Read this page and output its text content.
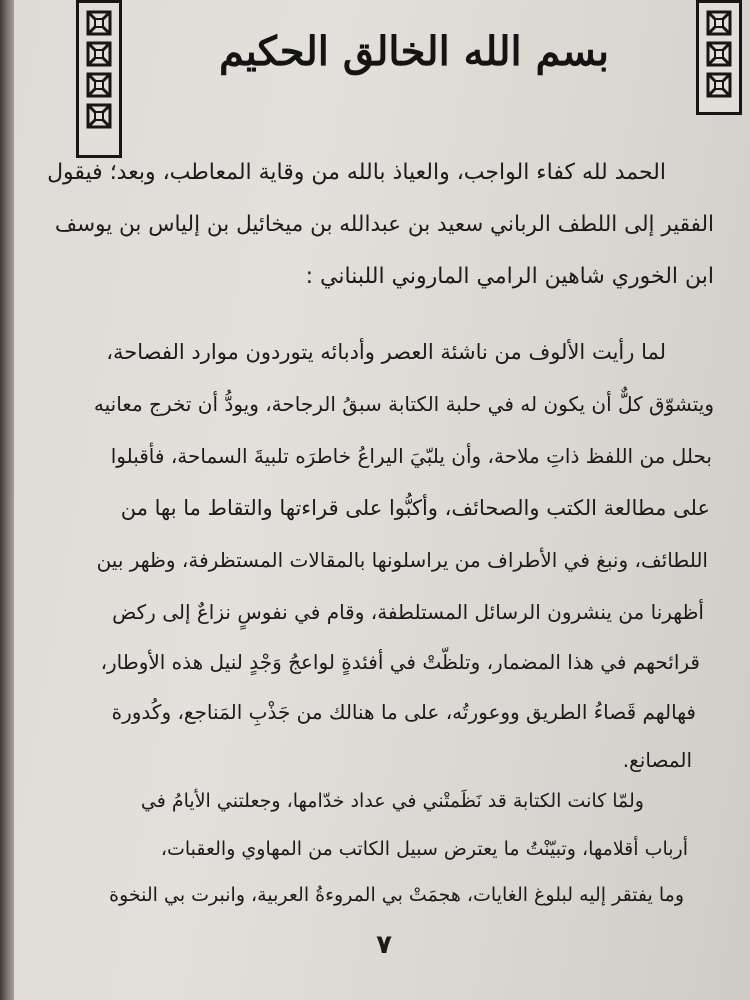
بسم الله الخالق الحكيم
الحمد لله كفاء الواجب، والعياذ بالله من وقاية المعاطب، وبعد؛ فيقول
الفقير إلى اللطف الرباني سعيد بن عبدالله بن ميخائيل بن إلياس بن يوسف
ابن الخوري شاهين الرامي الماروني اللبناني :
لما رأيت الألوف من ناشئة العصر وأدبائه يتوردون موارد الفصاحة،
ويتشوّق كلٌّ أن يكون له في حلبة الكتابة سبقُ الرجاحة، ويودُّ أن تخرج معانيه
بحلل من اللفظ ذاتِ ملاحة، وأن يلبّيَ اليراعُ خاطرَه تلبيةَ السماحة، فأقبلوا
على مطالعة الكتب والصحائف، وأكبُّوا على قراءتها والتقاط ما بها من
اللطائف، ونبغ في الأطراف من يراسلونها بالمقالات المستظرفة، وظهر بين
أظهرنا من ينشرون الرسائل المستلطفة، وقام في نفوسٍ نزاعٌ إلى ركض
قرائحهم في هذا المضمار، وتلظّتْ في أفئدةٍ لواعجُ وَجْدٍ لنيل هذه الأوطار،
فهالهم قَصاءُ الطريق ووعورتُه، على ما هنالك من جَذْبِ المَناجع، وكُدورة
المصانع.
ولمّا كانت الكتابة قد نَظَمتْني في عداد خدّامها، وجعلتني الأيامُ في
أرباب أقلامها، وتبيّنْتُ ما يعترض سبيل الكاتب من المهاوي والعقبات،
وما يفتقر إليه لبلوغ الغايات، هجمَتْ بي المروءةُ العربية، وانبرت بي النخوة
٧
